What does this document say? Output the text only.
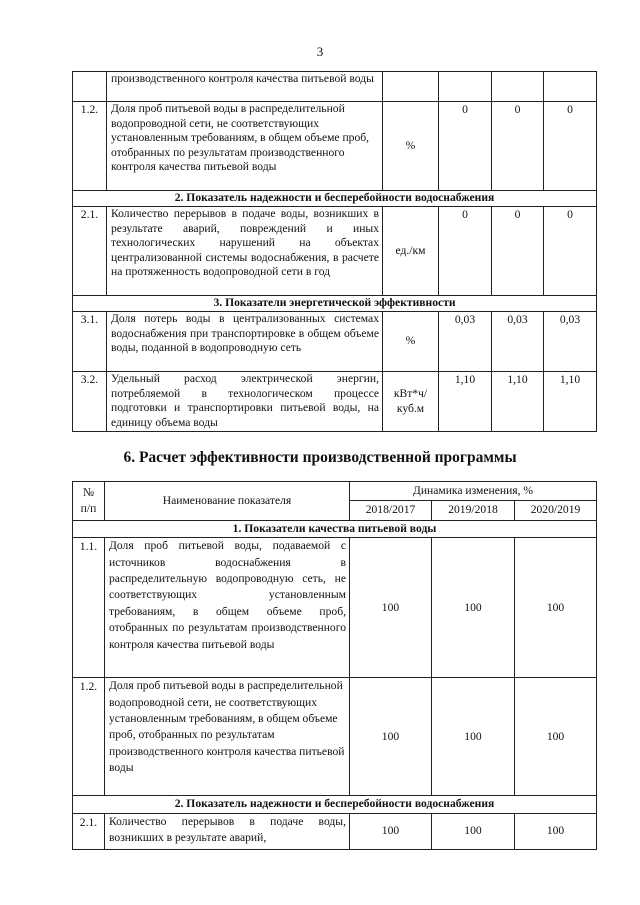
3
	производственного контроля качества питьевой воды				
1.2.	Доля проб питьевой воды в распределительной водопроводной сети, не соответствующих установленным требованиям, в общем объеме проб, отобранных по результатам производственного контроля качества питьевой воды	%	0	0	0
2. Показатель надежности и бесперебойности водоснабжения					
2.1.	Количество перерывов в подаче воды, возникших в результате аварий, повреждений и иных технологических нарушений на объектах централизованной системы водоснабжения, в расчете на протяженность водопроводной сети в год	ед./км	0	0	0
3. Показатели энергетической эффективности					
3.1.	Доля потерь воды в централизованных системах водоснабжения при транспортировке в общем объеме воды, поданной в водопроводную сеть	%	0,03	0,03	0,03
3.2.	Удельный расход электрической энергии, потребляемой в технологическом процессе подготовки и транспортировки питьевой воды, на единицу объема воды	кВт*ч/ куб.м	1,10	1,10	1,10
6. Расчет эффективности производственной программы
№
п/п	Наименование показателя	Динамика изменения, %		
		2018/2017	2019/2018	2020/2019
1. Показатели качества питьевой воды				
1.1.	Доля проб питьевой воды, подаваемой с источников водоснабжения в распределительную водопроводную сеть, не соответствующих установленным требованиям, в общем объеме проб, отобранных по результатам производственного контроля качества питьевой воды	100	100	100
1.2.	Доля проб питьевой воды в распределительной водопроводной сети, не соответствующих установленным требованиям, в общем объеме проб, отобранных по результатам производственного контроля качества питьевой воды	100	100	100
2. Показатель надежности и бесперебойности водоснабжения				
2.1.	Количество перерывов в подаче воды, возникших в результате аварий,	100	100	100
